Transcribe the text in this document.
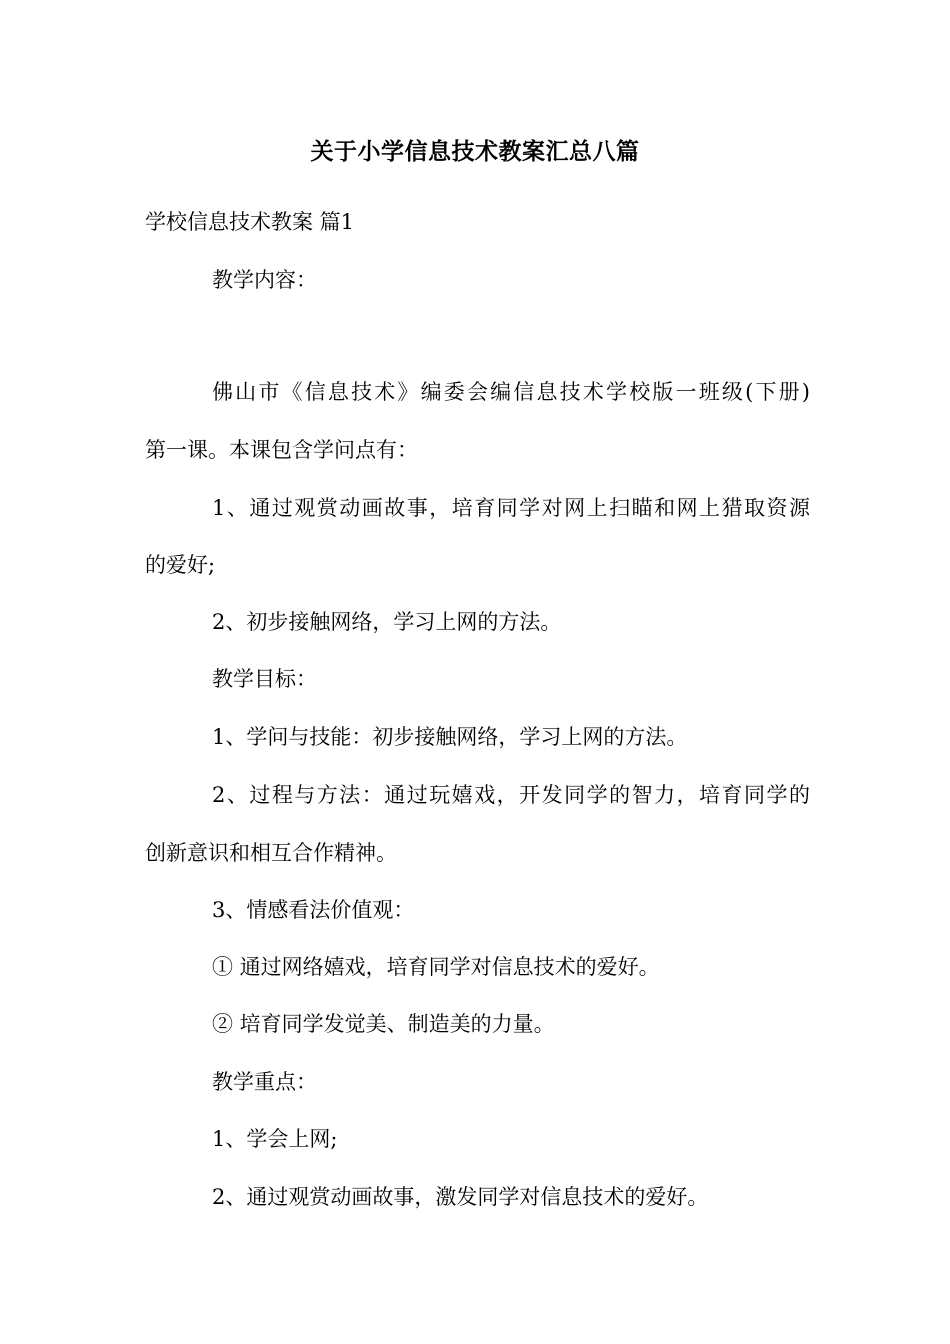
关于小学信息技术教案汇总八篇
学校信息技术教案 篇1
教学内容：
佛山市《信息技术》编委会编信息技术学校版一班级(下册)
第一课。本课包含学问点有：
1、通过观赏动画故事，培育同学对网上扫瞄和网上猎取资源
的爱好;
2、初步接触网络，学习上网的方法。
教学目标：
1、学问与技能：初步接触网络，学习上网的方法。
2、过程与方法：通过玩嬉戏，开发同学的智力，培育同学的
创新意识和相互合作精神。
3、情感看法价值观：
① 通过网络嬉戏，培育同学对信息技术的爱好。
② 培育同学发觉美、制造美的力量。
教学重点：
1、学会上网;
2、通过观赏动画故事，激发同学对信息技术的爱好。
